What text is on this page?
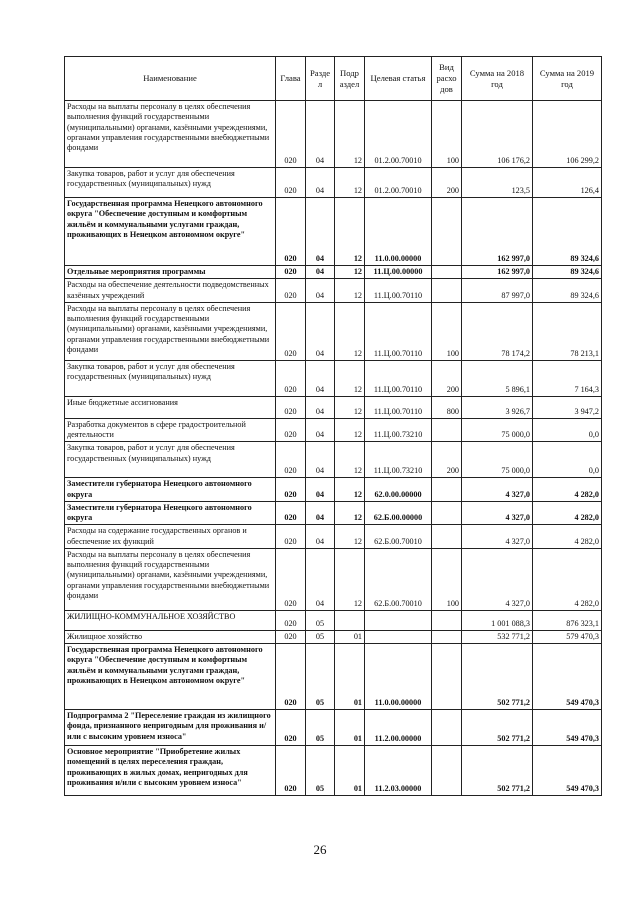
Наименование	Глава	Разде л	Подр аздел	Целевая статья	Вид расхо дов	Сумма на 2018 год	Сумма на 2019 год
Расходы на выплаты персоналу в целях обеспечения выполнения функций государственными (муниципальными) органами, казёнными учреждениями, органами управления государственными внебюджетными фондами	020	04	12	01.2.00.70010	100	106 176,2	106 299,2
Закупка товаров, работ и услуг для обеспечения государственных (муниципальных) нужд	020	04	12	01.2.00.70010	200	123,5	126,4
Государственная программа Ненецкого автономного округа "Обеспечение доступным и комфортным жильём и коммунальными услугами граждан, проживающих в Ненецком автономном округе"	020	04	12	11.0.00.00000		162 997,0	89 324,6
Отдельные мероприятия программы	020	04	12	11.Ц.00.00000		162 997,0	89 324,6
Расходы на обеспечение деятельности подведомственных казённых учреждений	020	04	12	11.Ц.00.70110		87 997,0	89 324,6
Расходы на выплаты персоналу в целях обеспечения выполнения функций государственными (муниципальными) органами, казёнными учреждениями, органами управления государственными внебюджетными фондами	020	04	12	11.Ц.00.70110	100	78 174,2	78 213,1
Закупка товаров, работ и услуг для обеспечения государственных (муниципальных) нужд	020	04	12	11.Ц.00.70110	200	5 896,1	7 164,3
Иные бюджетные ассигнования	020	04	12	11.Ц.00.70110	800	3 926,7	3 947,2
Разработка документов в сфере градостроительной деятельности	020	04	12	11.Ц.00.73210		75 000,0	0,0
Закупка товаров, работ и услуг для обеспечения государственных (муниципальных) нужд	020	04	12	11.Ц.00.73210	200	75 000,0	0,0
Заместители губернатора Ненецкого автономного округа	020	04	12	62.0.00.00000		4 327,0	4 282,0
Заместители губернатора Ненецкого автономного округа	020	04	12	62.Б.00.00000		4 327,0	4 282,0
Расходы на содержание государственных органов и обеспечение их функций	020	04	12	62.Б.00.70010		4 327,0	4 282,0
Расходы на выплаты персоналу в целях обеспечения выполнения функций государственными (муниципальными) органами, казёнными учреждениями, органами управления государственными внебюджетными фондами	020	04	12	62.Б.00.70010	100	4 327,0	4 282,0
ЖИЛИЩНО-КОММУНАЛЬНОЕ ХОЗЯЙСТВО	020	05				1 001 088,3	876 323,1
Жилищное хозяйство	020	05	01			532 771,2	579 470,3
Государственная программа Ненецкого автономного округа "Обеспечение доступным и комфортным жильём и коммунальными услугами граждан, проживающих в Ненецком автономном округе"	020	05	01	11.0.00.00000		502 771,2	549 470,3
Подпрограмма 2 "Переселение граждан из жилищного фонда, признанного непригодным для проживания и/или с высоким уровнем износа"	020	05	01	11.2.00.00000		502 771,2	549 470,3
Основное мероприятие "Приобретение жилых помещений в целях переселения граждан, проживающих в жилых домах, непригодных для проживания и/или с высоким уровнем износа"	020	05	01	11.2.03.00000		502 771,2	549 470,3
26
